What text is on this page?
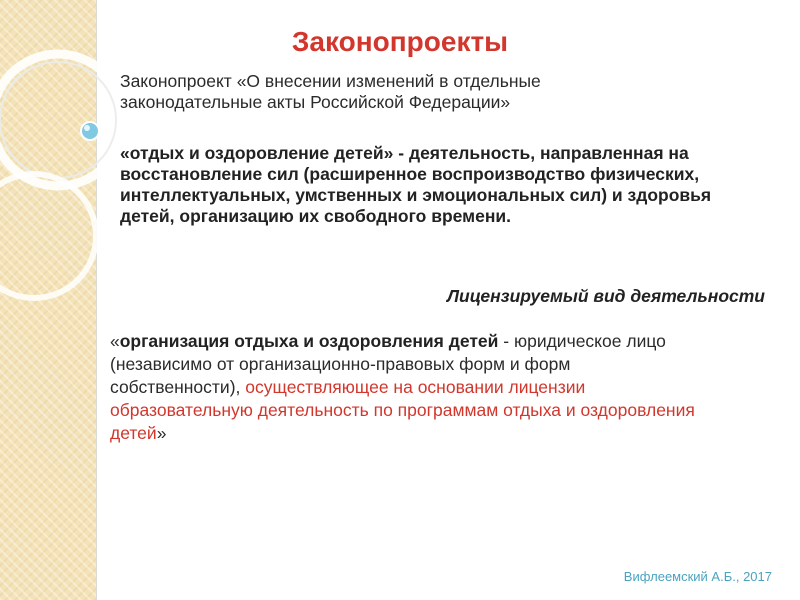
Законопроекты
Законопроект «О внесении изменений в отдельные законодательные акты Российской Федерации»
«отдых и оздоровление детей» - деятельность, направленная на восстановление сил (расширенное воспроизводство физических, интеллектуальных, умственных и эмоциональных сил) и здоровья детей, организацию их свободного времени.
Лицензируемый вид деятельности
«организация отдыха и оздоровления детей - юридическое лицо (независимо от организационно-правовых форм и форм собственности), осуществляющее на основании лицензии образовательную деятельность по программам отдыха и оздоровления детей»
Вифлеемский А.Б., 2017
